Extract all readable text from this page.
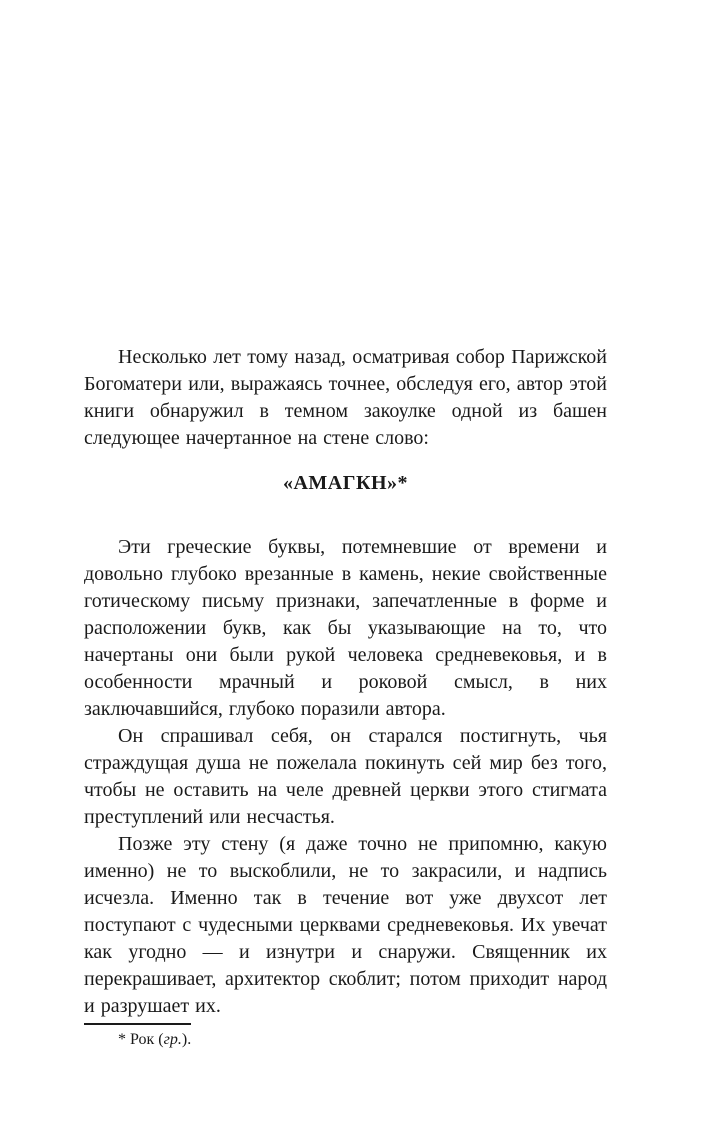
Несколько лет тому назад, осматривая собор Парижской Богоматери или, выражаясь точнее, обследуя его, автор этой книги обнаружил в темном закоулке одной из башен следующее начертанное на стене слово:

«АМАГКН»*

Эти греческие буквы, потемневшие от времени и довольно глубоко врезанные в камень, некие свойственные готическому письму признаки, запечатленные в форме и расположении букв, как бы указывающие на то, что начертаны они были рукой человека средневековья, и в особенности мрачный и роковой смысл, в них заключавшийся, глубоко поразили автора.

Он спрашивал себя, он старался постигнуть, чья страждущая душа не пожелала покинуть сей мир без того, чтобы не оставить на челе древней церкви этого стигмата преступлений или несчастья.

Позже эту стену (я даже точно не припомню, какую именно) не то выскоблили, не то закрасили, и надпись исчезла. Именно так в течение вот уже двухсот лет поступают с чудесными церквами средневековья. Их увечат как угодно — и изнутри и снаружи. Священник их перекрашивает, архитектор скоблит; потом приходит народ и разрушает их.

* Рок (гр.).
